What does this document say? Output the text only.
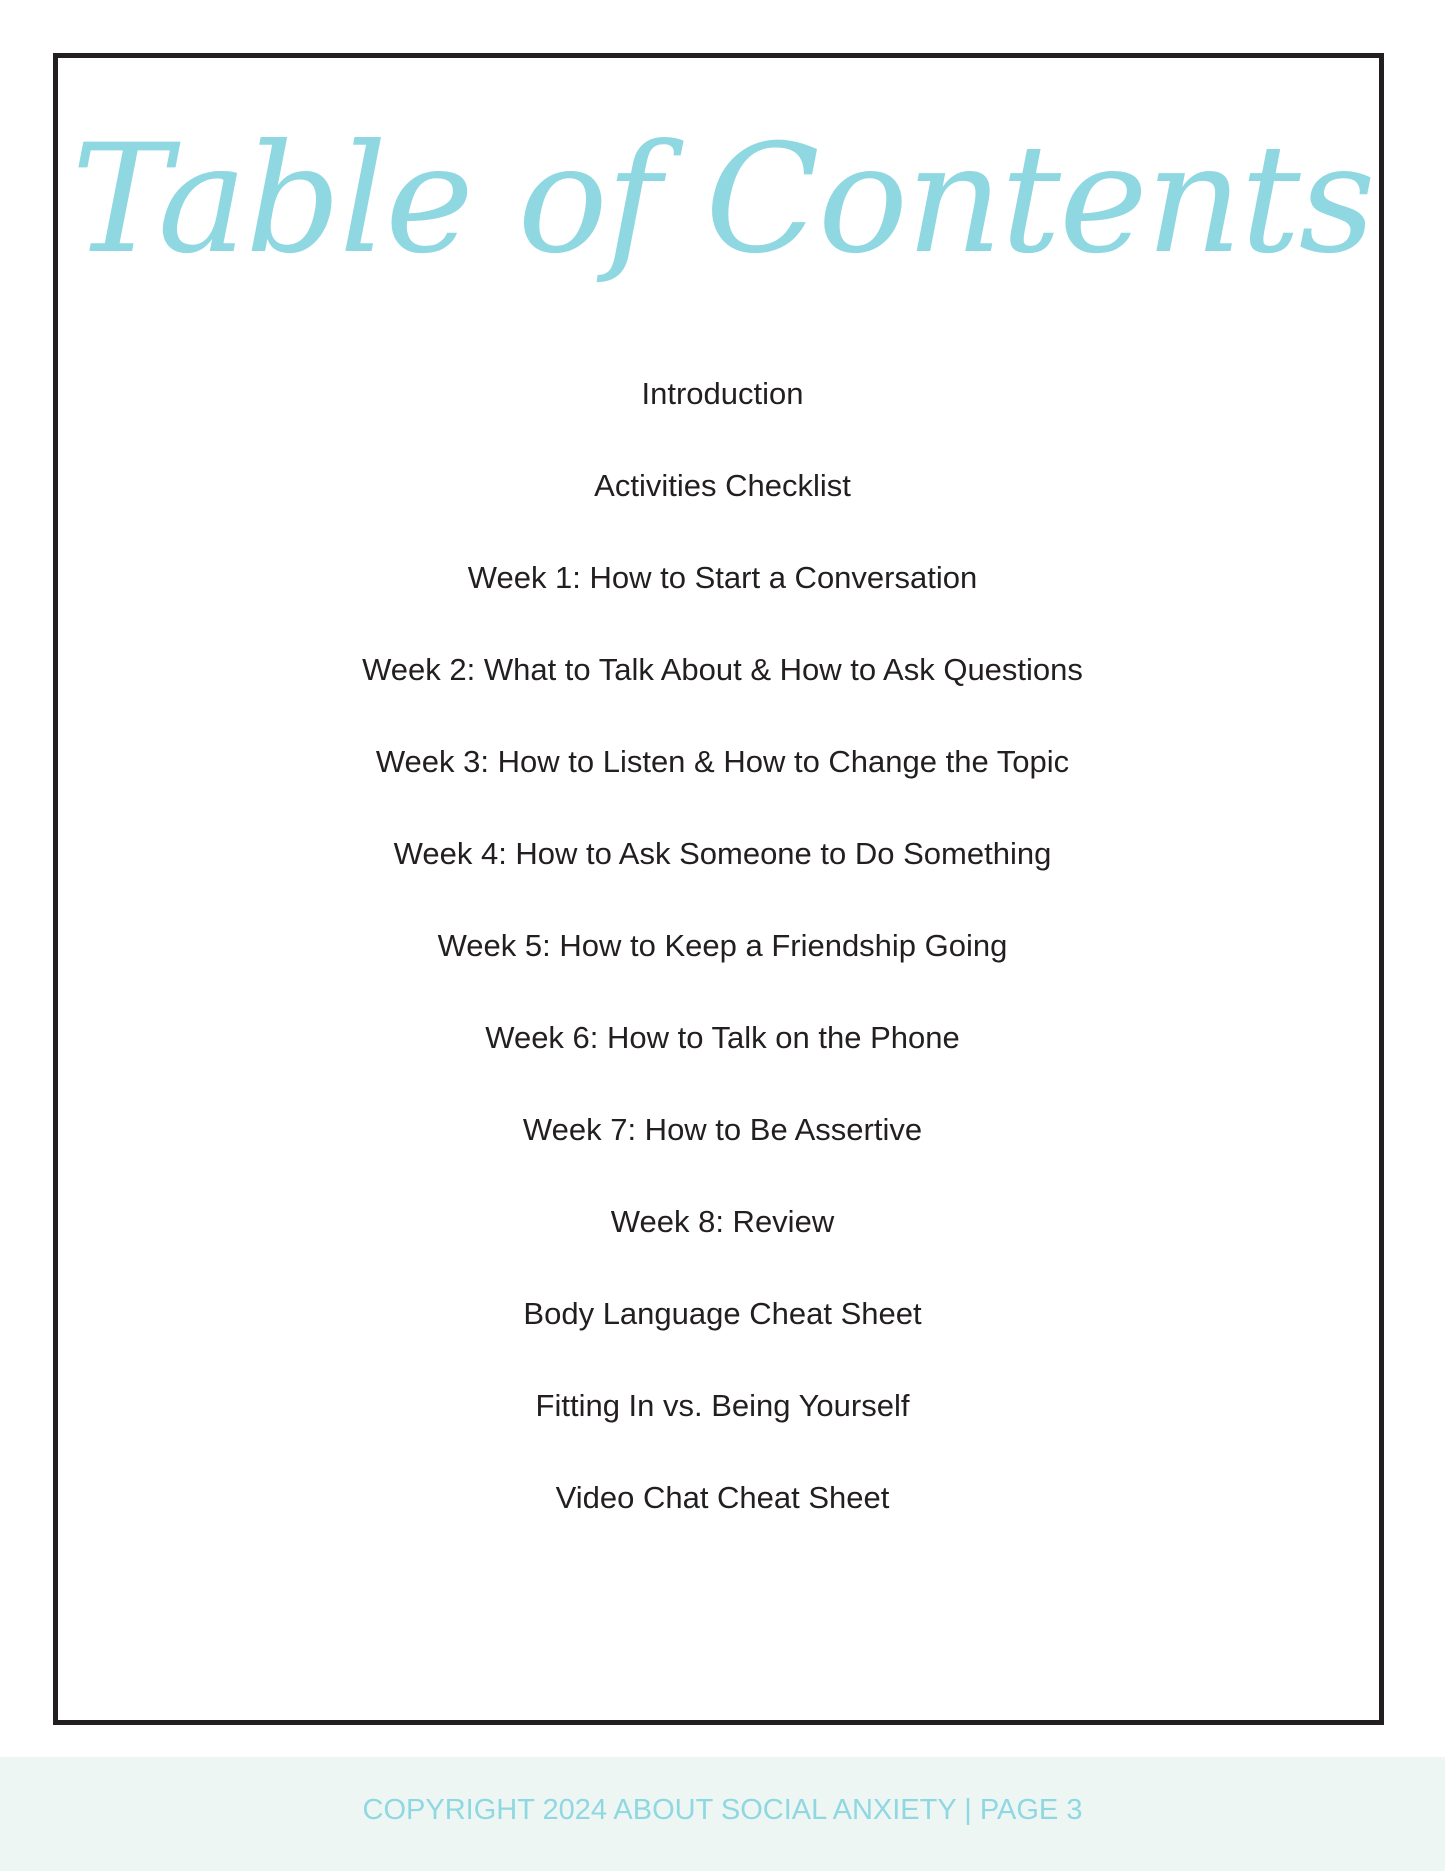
Table of Contents
Introduction
Activities Checklist
Week 1: How to Start a Conversation
Week 2: What to Talk About & How to Ask Questions
Week 3: How to Listen & How to Change the Topic
Week 4: How to Ask Someone to Do Something
Week 5: How to Keep a Friendship Going
Week 6: How to Talk on the Phone
Week 7: How to Be Assertive
Week 8: Review
Body Language Cheat Sheet
Fitting In vs. Being Yourself
Video Chat Cheat Sheet
COPYRIGHT 2024 ABOUT SOCIAL ANXIETY | PAGE 3
